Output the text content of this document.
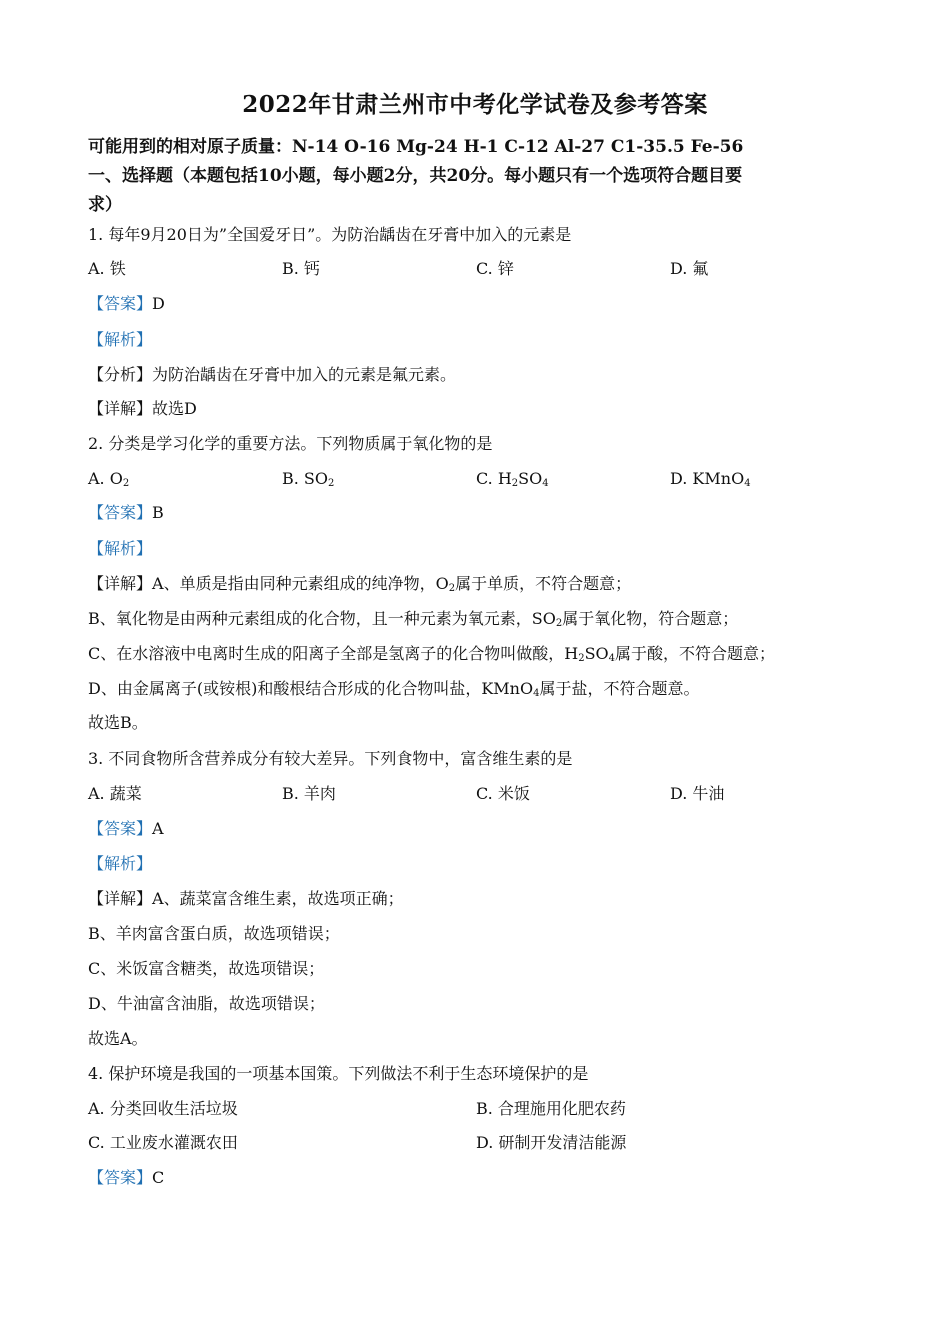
2022年甘肃兰州市中考化学试卷及参考答案
可能用到的相对原子质量：N-14 O-16 Mg-24 H-1 C-12 Al-27 C1-35.5 Fe-56
一、选择题（本题包括10小题，每小题2分，共20分。每小题只有一个选项符合题目要
求）
1. 每年9月20日为”全国爱牙日”。为防治龋齿在牙膏中加入的元素是
A. 铁	B. 钙	C. 锌	D. 氟
【答案】D
【解析】
【分析】为防治龋齿在牙膏中加入的元素是氟元素。
【详解】故选D
2. 分类是学习化学的重要方法。下列物质属于氧化物的是
A. $O_2$	B. $SO_2$	C. $H_2SO_4$	D. KMnO$_4$
【答案】B
【解析】
【详解】A、单质是指由同种元素组成的纯净物，$O_2$属于单质，不符合题意；
B、氧化物是由两种元素组成的化合物，且一种元素为氧元素，$SO_2$属于氧化物，符合题意；
C、在水溶液中电离时生成的阳离子全部是氢离子的化合物叫做酸，$H_2SO_4$属于酸，不符合题意；
D、由金属离子(或铵根)和酸根结合形成的化合物叫盐，KMnO$_4$属于盐，不符合题意。
故选B。
3. 不同食物所含营养成分有较大差异。下列食物中，富含维生素的是
A. 蔬菜	B. 羊肉	C. 米饭	D. 牛油
【答案】A
【解析】
【详解】A、蔬菜富含维生素，故选项正确；
B、羊肉富含蛋白质，故选项错误；
C、米饭富含糖类，故选项错误；
D、牛油富含油脂，故选项错误；
故选A。
4. 保护环境是我国的一项基本国策。下列做法不利于生态环境保护的是
A. 分类回收生活垃圾	B. 合理施用化肥农药
C. 工业废水灌溉农田	D. 研制开发清洁能源
【答案】C
